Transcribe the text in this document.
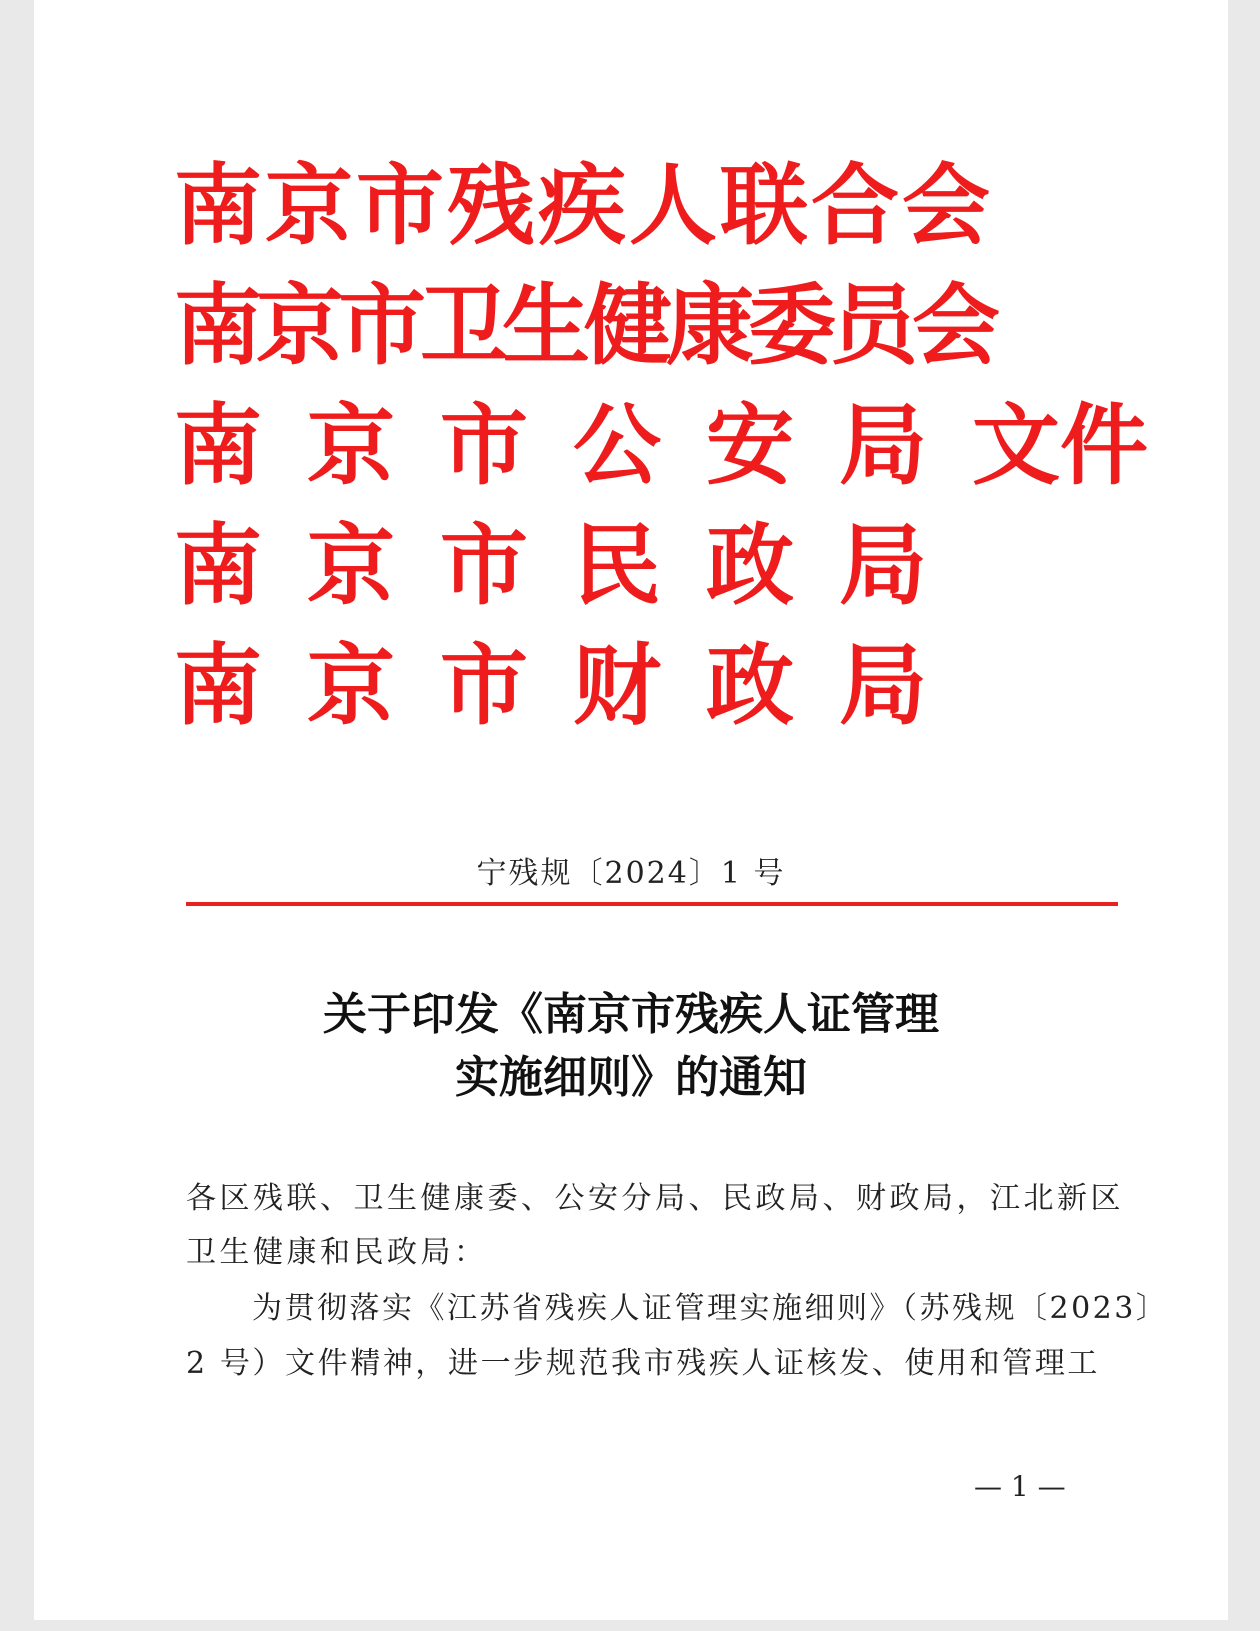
南京市残疾人联合会
南京市卫生健康委员会
南京市公安局文件
南京市民政局
南京市财政局
宁残规〔2024〕1 号
关于印发《南京市残疾人证管理
实施细则》的通知
各区残联、卫生健康委、公安分局、民政局、财政局，江北新区
卫生健康和民政局：
为贯彻落实《江苏省残疾人证管理实施细则》（苏残规〔2023〕
2 号）文件精神，进一步规范我市残疾人证核发、使用和管理工
— 1 —
